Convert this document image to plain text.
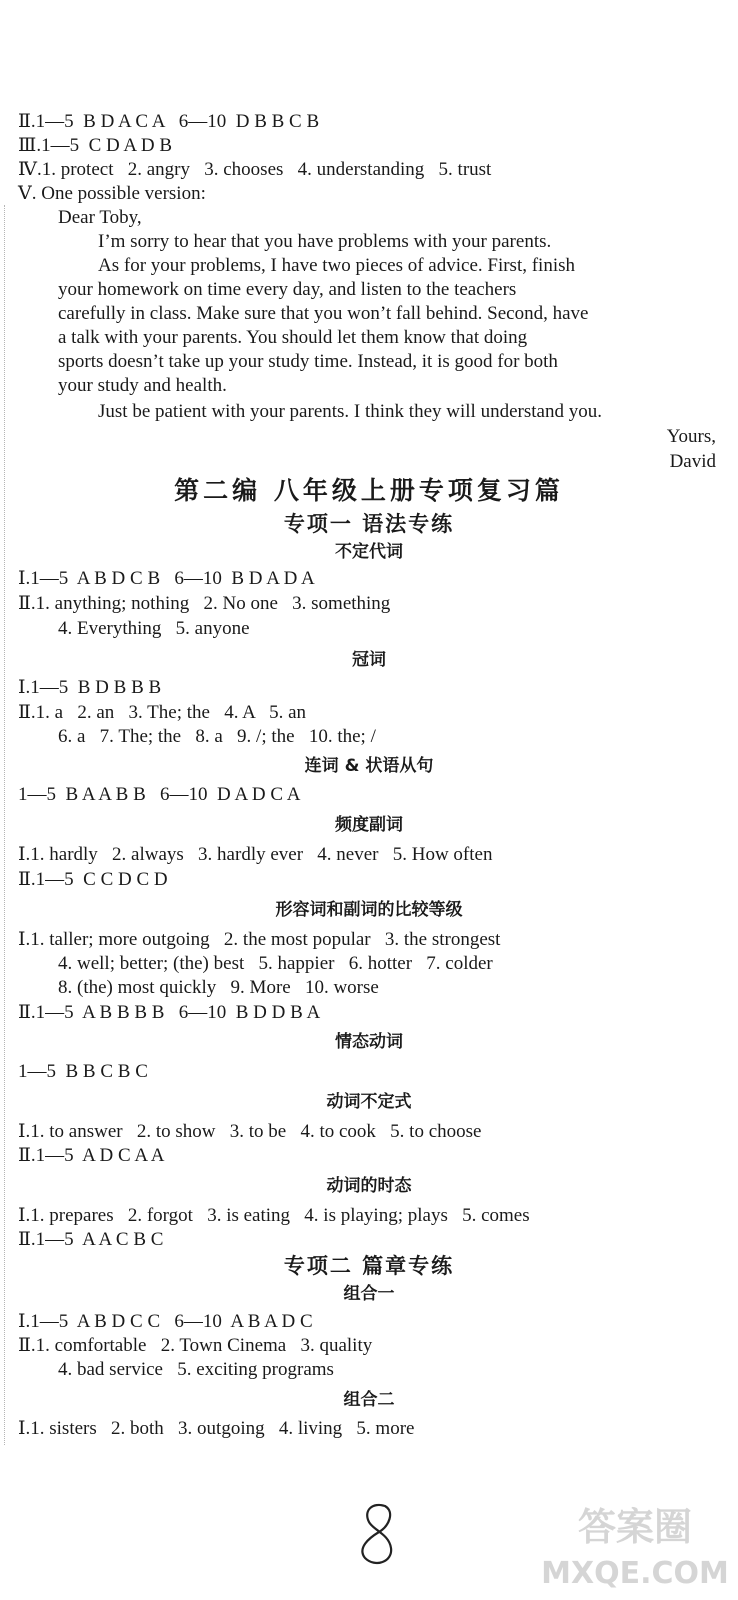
Ⅱ.1—5  B D A C A   6—10  D B B C B
Ⅲ.1—5  C D A D B
Ⅳ.1. protect   2. angry   3. chooses   4. understanding   5. trust
Ⅴ. One possible version:
Dear Toby,
I’m sorry to hear that you have problems with your parents.
As for your problems, I have two pieces of advice. First, finish
your homework on time every day, and listen to the teachers
carefully in class. Make sure that you won’t fall behind. Second, have
a talk with your parents. You should let them know that doing
sports doesn’t take up your study time. Instead, it is good for both
your study and health.
Just be patient with your parents. I think they will understand you.
Yours,
David
第二编 八年级上册专项复习篇
专项一 语法专练
不定代词
Ⅰ.1—5  A B D C B   6—10  B D A D A
Ⅱ.1. anything; nothing   2. No one   3. something
4. Everything   5. anyone
冠词
Ⅰ.1—5  B D B B B
Ⅱ.1. a   2. an   3. The; the   4. A   5. an
6. a   7. The; the   8. a   9. /; the   10. the; /
连词 & 状语从句
1—5  B A A B B   6—10  D A D C A
频度副词
Ⅰ.1. hardly   2. always   3. hardly ever   4. never   5. How often
Ⅱ.1—5  C C D C D
形容词和副词的比较等级
Ⅰ.1. taller; more outgoing   2. the most popular   3. the strongest
4. well; better; (the) best   5. happier   6. hotter   7. colder
8. (the) most quickly   9. More   10. worse
Ⅱ.1—5  A B B B B   6—10  B D D B A
情态动词
1—5  B B C B C
动词不定式
Ⅰ.1. to answer   2. to show   3. to be   4. to cook   5. to choose
Ⅱ.1—5  A D C A A
动词的时态
Ⅰ.1. prepares   2. forgot   3. is eating   4. is playing; plays   5. comes
Ⅱ.1—5  A A C B C
专项二 篇章专练
组合一
Ⅰ.1—5  A B D C C   6—10  A B A D C
Ⅱ.1. comfortable   2. Town Cinema   3. quality
4. bad service   5. exciting programs
组合二
Ⅰ.1. sisters   2. both   3. outgoing   4. living   5. more
答案圈
MXQE.COM
